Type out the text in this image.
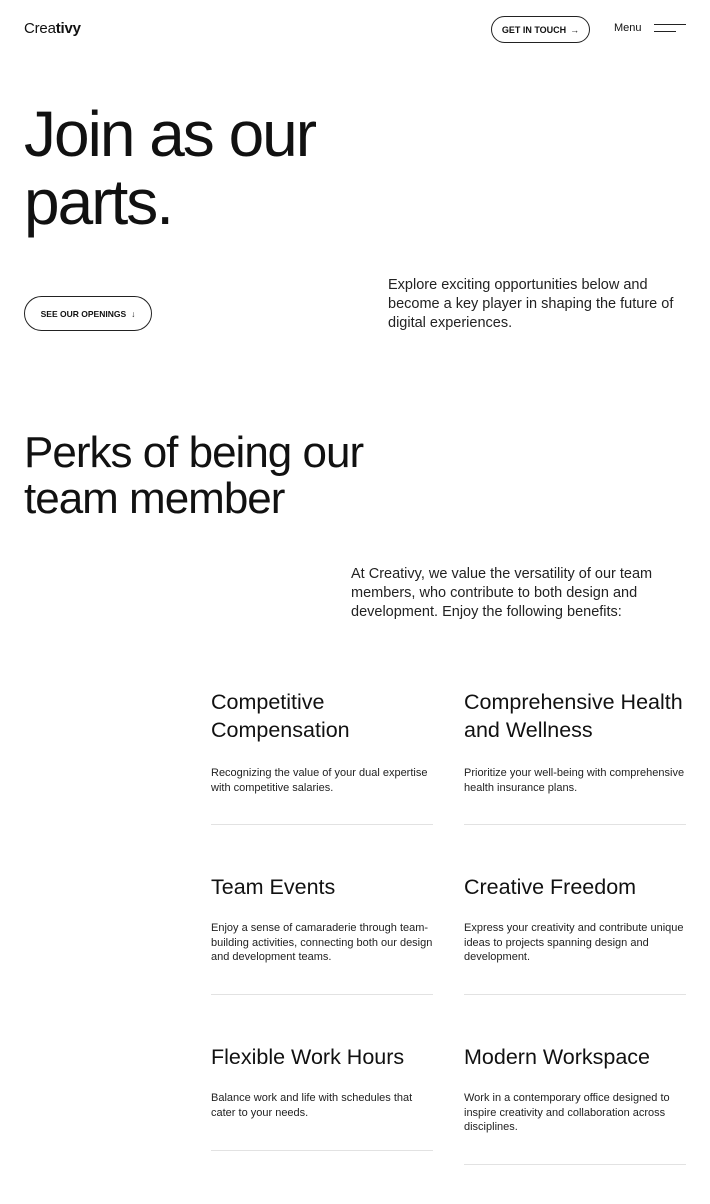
Creativy	GET IN TOUCH →	Menu
Join as our
parts.
SEE OUR OPENINGS ↓

Explore exciting opportunities below and become a key player in shaping the future of digital experiences.

Perks of being our
team member

At Creativy, we value the versatility of our team members, who contribute to both design and development. Enjoy the following benefits:

Competitive Compensation

Recognizing the value of your dual expertise with competitive salaries.

Comprehensive Health and Wellness

Prioritize your well-being with comprehensive health insurance plans.

Team Events

Enjoy a sense of camaraderie through team-building activities, connecting both our design and development teams.

Creative Freedom

Express your creativity and contribute unique ideas to projects spanning design and development.

Flexible Work Hours

Balance work and life with schedules that cater to your needs.

Modern Workspace

Work in a contemporary office designed to inspire creativity and collaboration across disciplines.
